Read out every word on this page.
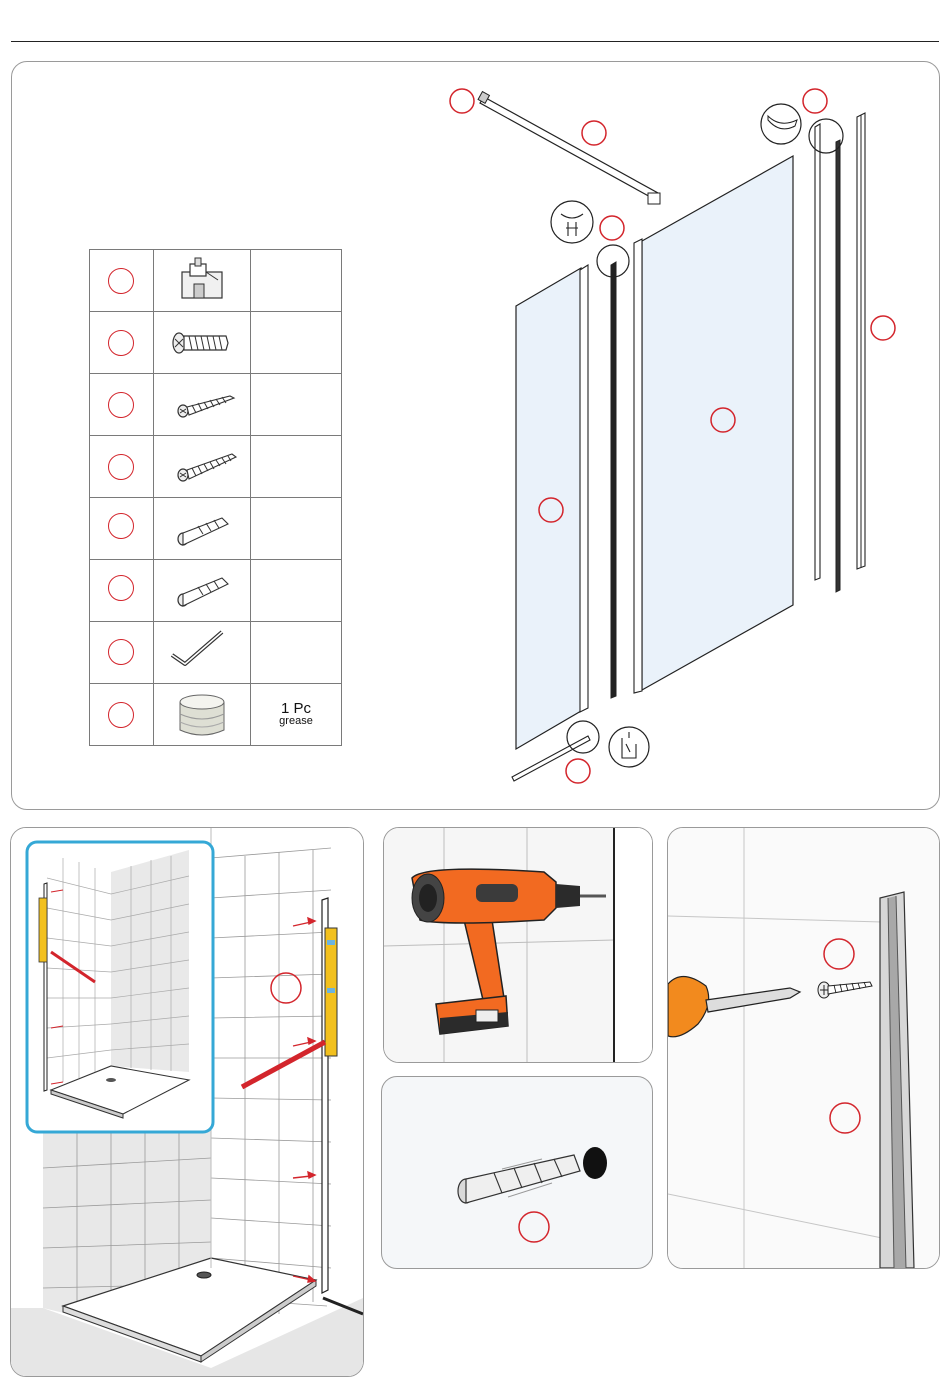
1 Pc
grease
